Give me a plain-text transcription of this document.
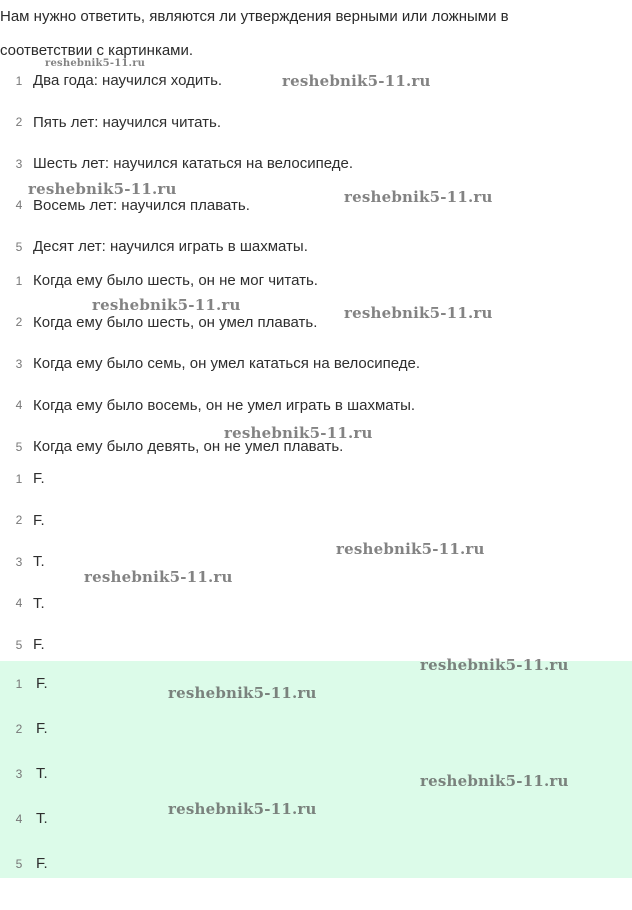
Нам нужно ответить, являются ли утверждения верными или ложными в соответствии с картинками.
1 Два года: научился ходить.
2 Пять лет: научился читать.
3 Шесть лет: научился кататься на велосипеде.
4 Восемь лет: научился плавать.
5 Десят лет: научился играть в шахматы.
1 Когда ему было шесть, он не мог читать.
2 Когда ему было шесть, он умел плавать.
3 Когда ему было семь, он умел кататься на велосипеде.
4 Когда ему было восемь, он не умел играть в шахматы.
5 Когда ему было девять, он не умел плавать.
1 F.
2 F.
3 T.
4 T.
5 F.
1 F.
2 F.
3 T.
4 T.
5 F.
reshebnik5-11.ru
reshebnik5-11.ru
reshebnik5-11.ru	reshebnik5-11.ru
reshebnik5-11.ru	reshebnik5-11.ru
reshebnik5-11.ru
reshebnik5-11.ru
reshebnik5-11.ru
reshebnik5-11.ru
reshebnik5-11.ru
reshebnik5-11.ru
reshebnik5-11.ru
